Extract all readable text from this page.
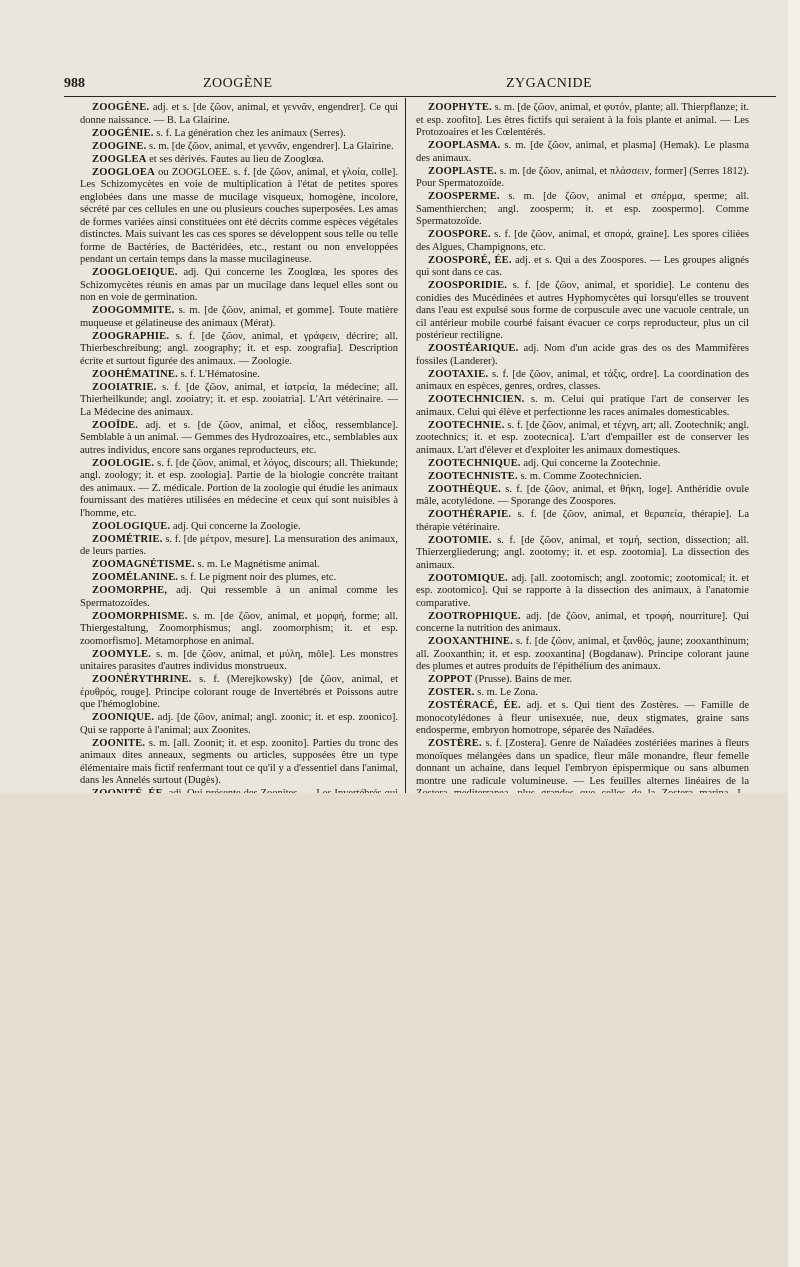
988	ZOOGÈNE	ZYGACNIDE

ZOOGÈNE. adj. et s. [de ζῶον, animal, et γεννᾶν, engendrer]. Ce qui donne naissance. — B. La Glairine.

ZOOGÉNIE. s. f. La génération chez les animaux (Serres).

ZOOGINE. s. m. [de ζῶον, animal, et γεννᾶν, engendrer]. La Glairine.

ZOOGLEA et ses dérivés. Fautes au lieu de Zooglœa.

ZOOGLOEA ou ZOOGLOEE. s. f. [de ζῶον, animal, et γλοία, colle]. Les Schizomycètes en voie de multiplication à l'état de petites spores englobées dans une masse de mucilage visqueux, homogène, incolore, sécrété par ces cellules en une ou plusieurs couches superposées. Les amas de formes variées ainsi constituées ont été décrits comme espèces végétales distinctes. Mais suivant les cas ces spores se développent sous telle ou telle forme de Bactéries, de Bactéridées, etc., restant ou non enveloppées pendant un certain temps dans la masse mucilagineuse.

ZOOGLOEIQUE. adj. Qui concerne les Zooglœa, les spores des Schizomycètes réunis en amas par un mucilage dans lequel elles sont ou non en voie de germination.

ZOOGOMMITE. s. m. [de ζῶον, animal, et gomme]. Toute matière muqueuse et gélatineuse des animaux (Mérat).

ZOOGRAPHIE. s. f. [de ζῶον, animal, et γράφειν, décrire; all. Thierbeschreibung; angl. zoography; it. et esp. zoografia]. Description écrite et surtout figurée des animaux. — Zoologie.

ZOOHÉMATINE. s. f. L'Hématosine.

ZOOIATRIE. s. f. [de ζῶον, animal, et ἰατρεία, la médecine; all. Thierheilkunde; angl. zooiatry; it. et esp. zooiatria]. L'Art vétérinaire. — La Médecine des animaux.

ZOOÏDE. adj. et s. [de ζῶον, animal, et εἶδος, ressemblance]. Semblable à un animal. — Gemmes des Hydrozoaires, etc., semblables aux autres individus, encore sans organes reproducteurs, etc.

ZOOLOGIE. s. f. [de ζῶον, animal, et λόγος, discours; all. Thiekunde; angl. zoology; it. et esp. zoologia]. Partie de la biologie concrète traitant des animaux. — Z. médicale. Portion de la zoologie qui étudie les animaux fournissant des matières utilisées en médecine et ceux qui sont nuisibles à l'homme, etc.

ZOOLOGIQUE. adj. Qui concerne la Zoologie.

ZOOMÉTRIE. s. f. [de μέτρον, mesure]. La mensuration des animaux, de leurs parties.

ZOOMAGNÉTISME. s. m. Le Magnétisme animal.

ZOOMÉLANINE. s. f. Le pigment noir des plumes, etc.

ZOOMORPHE, adj. Qui ressemble à un animal comme les Spermatozoïdes.

ZOOMORPHISME. s. m. [de ζῶον, animal, et μορφή, forme; all. Thiergestaltung, Zoomorphismus; angl. zoomorphism; it. et esp. zoomorfismo]. Métamorphose en animal.

ZOOMYLE. s. m. [de ζῶον, animal, et μύλη, môle]. Les monstres unitaires parasites d'autres individus monstrueux.

ZOONÉRYTHRINE. s. f. (Merejkowsky) [de ζῶον, animal, et ἐρυθρός, rouge]. Principe colorant rouge de Invertébrés et Poissons autre que l'hémoglobine.

ZOONIQUE. adj. [de ζῶον, animal; angl. zoonic; it. et esp. zoonico]. Qui se rapporte à l'animal; aux Zoonites.

ZOONITE. s. m. [all. Zoonit; it. et esp. zoonito]. Parties du tronc des animaux dites anneaux, segments ou articles, supposées être un type élémentaire mais fictif renfermant tout ce qu'il y a d'essentiel dans l'animal, dans les Annelés surtout (Dugès).

ZOOPHYTE. s. m. [de ζῶον, animal, et φυτόν, plante; all. Thierpflanze; it. et esp. zoofito]. Les êtres fictifs qui seraient à la fois plante et animal. — Les Protozoaires et les Cœlentérés.

ZOOPLASMA. s. m. [de ζῶον, animal, et plasma] (Hemak). Le plasma des animaux.

ZOOPLASTE. s. m. [de ζῶον, animal, et πλάσσειν, former] (Serres 1812). Pour Spermatozoïde.

ZOOSPERME. s. m. [de ζῶον, animal et σπέρμα, sperme; all. Samenthierchen; angl. zoosperm; it. et esp. zoospermo]. Comme Spermatozoïde.

ZOOSPORE. s. f. [de ζῶον, animal, et σπορά, graine]. Les spores ciliées des Algues, Champignons, etc.

ZOOSPORÉ, ÉE. adj. et s. Qui a des Zoospores. — Les groupes alignés qui sont dans ce cas.

ZOOSPORIDIE. s. f. [de ζῶον, animal, et sporidie]. Le contenu des conidies des Mucédinées et autres Hyphomycètes qui lorsqu'elles se trouvent dans l'eau est expulsé sous forme de corpuscule avec une vacuole centrale, un cil antérieur mobile courbé faisant évacuer ce corps reproducteur, plus un cil postérieur rectiligne.

ZOOSTÉARIQUE. adj. Nom d'un acide gras des os des Mammifères fossiles (Landerer).

ZOOTAXIE. s. f. [de ζῶον, animal, et τάξις, ordre]. La coordination des animaux en espèces, genres, ordres, classes.

ZOOTECHNICIEN. s. m. Celui qui pratique l'art de conserver les animaux. Celui qui élève et perfectionne les races animales domesticables.

ZOOTECHNIE. s. f. [de ζῶον, animal, et τέχνη, art; all. Zootechnik; angl. zootechnics; it. et esp. zootecnica]. L'art d'empailler est de conserver les animaux. L'art d'élever et d'exploiter les animaux domestiques.

ZOOTECHNIQUE. adj. Qui concerne la Zootechnie.

ZOOTECHNISTE. s. m. Comme Zootechnicien.

ZOOTHÈQUE. s. f. [de ζῶον, animal, et θήκη, loge]. Anthéridie ovule mâle, acotylédone. — Sporange des Zoospores.

ZOOTHÉRAPIE. s. f. [de ζῶον, animal, et θεραπεία, thérapie]. La thérapie vétérinaire.

ZOOTOMIE. s. f. [de ζῶον, animal, et τομή, section, dissection; all. Thierzergliederung; angl. zootomy; it. et esp. zootomia]. La dissection des animaux.

ZOOTOMIQUE. adj. [all. zootomisch; angl. zootomic; zootomical; it. et esp. zootomico]. Qui se rapporte à la dissection des animaux, à l'anatomie comparative.

ZOOTROPHIQUE. adj. [de ζῶον, animal, et τροφή, nourriture]. Qui concerne la nutrition des animaux.

ZOOXANTHINE. s. f. [de ζῶον, animal, et ξανθός, jaune; zooxanthinum; all. Zooxanthin; it. et esp. zooxantina] (Bogdanaw). Principe colorant jaune des plumes et autres produits de l'épithélium des animaux.

ZOPPOT (Prusse). Bains de mer.

ZOSTER. s. m. Le Zona.

ZOSTÉRACÉ, ÉE. adj. et s. Qui tient des Zostères. — Famille de monocotylédones à fleur unisexuée, nue, deux stigmates, graine sans endosperme, embryon homotrope, séparée des Naïadées.

ZOSTÈRE. s. f. [Zostera]. Genre de Naïadées zostériées marines à fleurs monoïques mélangées dans un spadice, fleur mâle monandre, fleur femelle donnant un achaine, dans lequel l'embryon épispermique ou sans albumen montre une radicule volumineuse. — Les feuilles alternes linéaires de la
